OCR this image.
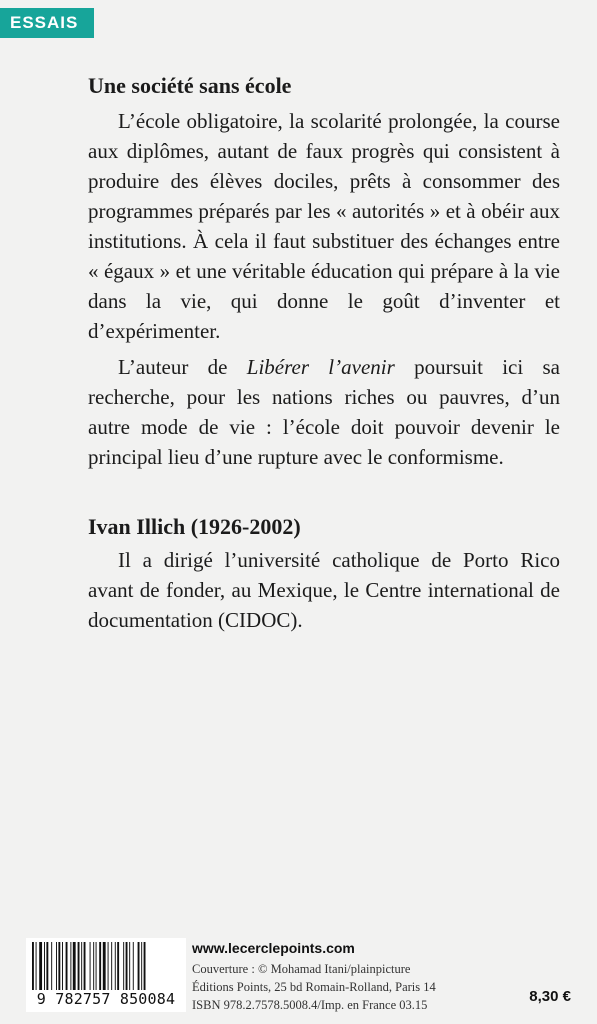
ESSAIS
Une société sans école

L’école obligatoire, la scolarité prolongée, la course aux diplômes, autant de faux progrès qui consistent à produire des élèves dociles, prêts à consommer des programmes préparés par les « autorités » et à obéir aux institutions. À cela il faut substituer des échanges entre « égaux » et une véritable éducation qui prépare à la vie dans la vie, qui donne le goût d’inventer et d’expérimenter.

L’auteur de Libérer l’avenir poursuit ici sa recherche, pour les nations riches ou pauvres, d’un autre mode de vie : l’école doit pouvoir devenir le principal lieu d’une rupture avec le conformisme.

Ivan Illich (1926-2002)

Il a dirigé l’université catholique de Porto Rico avant de fonder, au Mexique, le Centre international de documentation (CIDOC).

9 782757 850084
www.lecerclepoints.com
Couverture : © Mohamad Itani/plainpicture
Éditions Points, 25 bd Romain-Rolland, Paris 14
ISBN 978.2.7578.5008.4/Imp. en France 03.15	8,30 €
